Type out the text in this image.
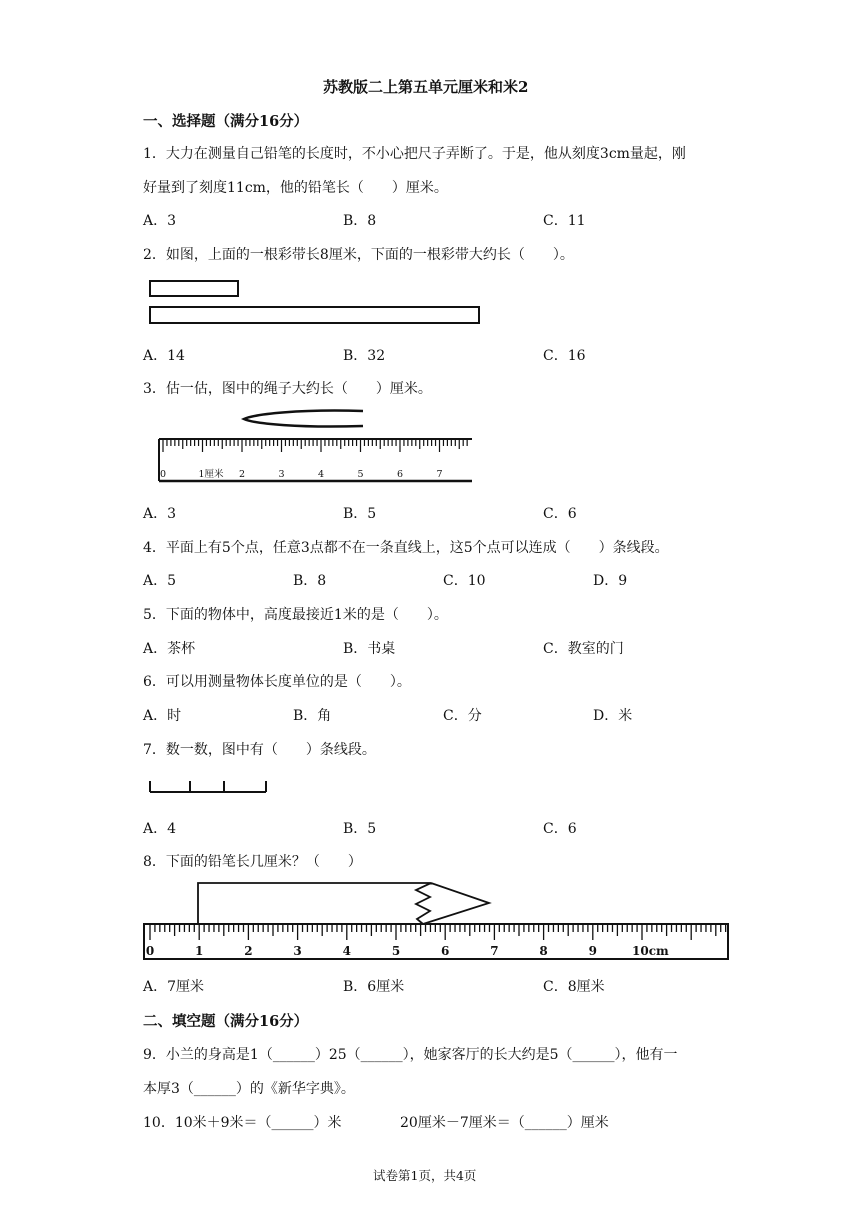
苏教版二上第五单元厘米和米2
一、选择题（满分16分）
1．大力在测量自己铅笔的长度时，不小心把尺子弄断了。于是，他从刻度3cm量起，刚
好量到了刻度11cm，他的铅笔长（　　）厘米。
A．3	B．8	C．11
2．如图，上面的一根彩带长8厘米，下面的一根彩带大约长（　　）。
A．14	B．32	C．16
3．估一估，图中的绳子大约长（　　）厘米。
0	1厘米 2	3	4	5	6	7
A．3	B．5	C．6
4．平面上有5个点，任意3点都不在一条直线上，这5个点可以连成（　　）条线段。
A．5	B．8	C．10	D．9
5．下面的物体中，高度最接近1米的是（　　）。
A．茶杯	B．书桌	C．教室的门
6．可以用测量物体长度单位的是（　　）。
A．时	B．角	C．分	D．米
7．数一数，图中有（　　）条线段。
A．4	B．5	C．6
8．下面的铅笔长几厘米？（　　）
0	1	2	3	4	5	6	7	8	9	10cm
A．7厘米	B．6厘米	C．8厘米
二、填空题（满分16分）
9．小兰的身高是1（______）25（______），她家客厅的长大约是5（______），他有一
本厚3（______）的《新华字典》。
10．10米＋9米＝（______）米	20厘米－7厘米＝（______）厘米
试卷第1页，共4页
